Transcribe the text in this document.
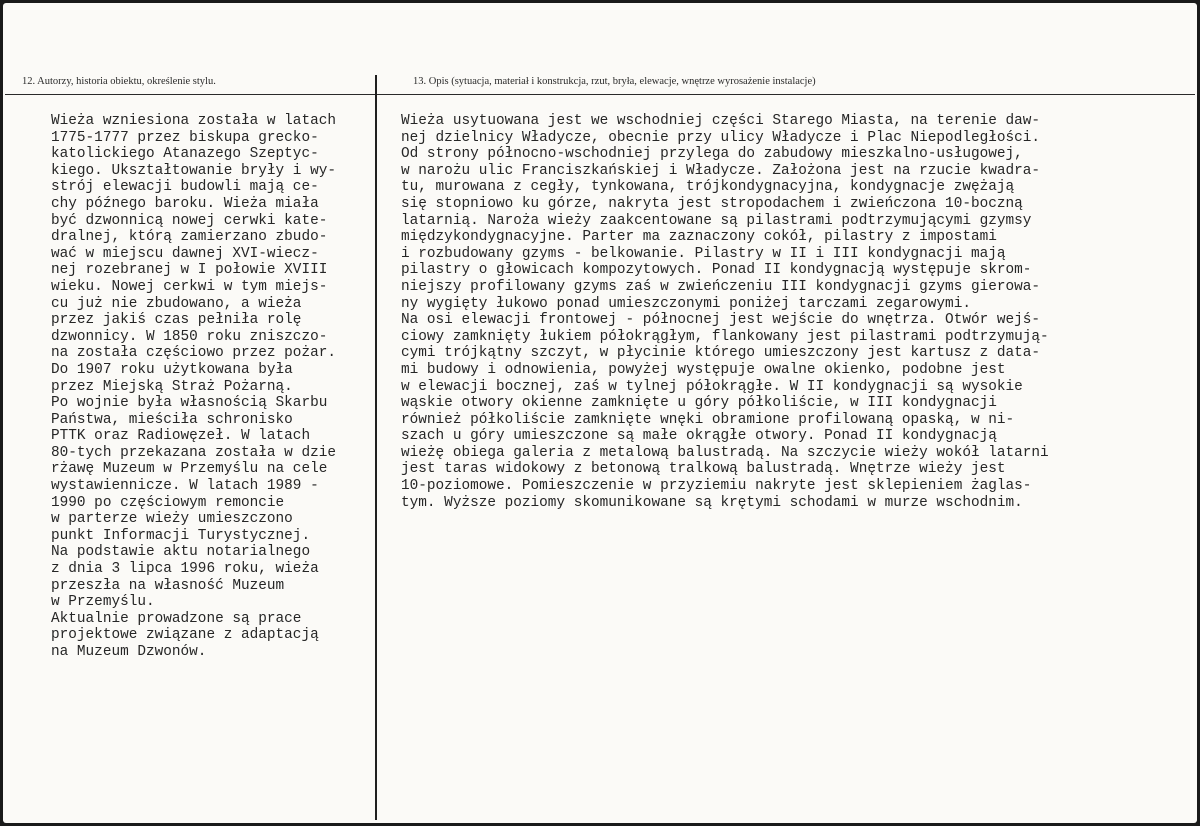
12. Autorzy, historia obiektu, określenie stylu.	13. Opis (sytuacja, materiał i konstrukcja, rzut, bryła, elewacje, wnętrze wyrosażenie instalacje)
Wieża wzniesiona została w latach
1775-1777 przez biskupa grecko-
katolickiego Atanazego Szeptyc-
kiego. Ukształtowanie bryły i wy-
strój elewacji budowli mają ce-
chy późnego baroku. Wieża miała
być dzwonnicą nowej cerwki kate-
dralnej, którą zamierzano zbudo-
wać w miejscu dawnej XVI-wiecz-
nej rozebranej w I połowie XVIII
wieku. Nowej cerkwi w tym miejs-
cu już nie zbudowano, a wieża
przez jakiś czas pełniła rolę
dzwonnicy. W 1850 roku zniszczo-
na została częściowo przez pożar.
Do 1907 roku użytkowana była
przez Miejską Straż Pożarną.
Po wojnie była własnością Skarbu
Państwa, mieściła schronisko
PTTK oraz Radiowęzeł. W latach
80-tych przekazana została w dzie
rżawę Muzeum w Przemyślu na cele
wystawiennicze. W latach 1989 -
1990 po częściowym remoncie
w parterze wieży umieszczono
punkt Informacji Turystycznej.
Na podstawie aktu notarialnego
z dnia 3 lipca 1996 roku, wieża
przeszła na własność Muzeum
w Przemyślu.
Aktualnie prowadzone są prace
projektowe związane z adaptacją
na Muzeum Dzwonów.
Wieża usytuowana jest we wschodniej części Starego Miasta, na terenie daw-
nej dzielnicy Władycze, obecnie przy ulicy Władycze i Plac Niepodległości.
Od strony północno-wschodniej przylega do zabudowy mieszkalno-usługowej,
w narożu ulic Franciszkańskiej i Władycze. Założona jest na rzucie kwadra-
tu, murowana z cegły, tynkowana, trójkondygnacyjna, kondygnacje zwężają
się stopniowo ku górze, nakryta jest stropodachem i zwieńczona 10-boczną
latarnią. Naroża wieży zaakcentowane są pilastrami podtrzymującymi gzymsy
międzykondygnacyjne. Parter ma zaznaczony cokół, pilastry z impostami
i rozbudowany gzyms - belkowanie. Pilastry w II i III kondygnacji mają
pilastry o głowicach kompozytowych. Ponad II kondygnacją występuje skrom-
niejszy profilowany gzyms zaś w zwieńczeniu III kondygnacji gzyms gierowa-
ny wygięty łukowo ponad umieszczonymi poniżej tarczami zegarowymi.
Na osi elewacji frontowej - północnej jest wejście do wnętrza. Otwór wejś-
ciowy zamknięty łukiem półokrągłym, flankowany jest pilastrami podtrzymują-
cymi trójkątny szczyt, w płycinie którego umieszczony jest kartusz z data-
mi budowy i odnowienia, powyżej występuje owalne okienko, podobne jest
w elewacji bocznej, zaś w tylnej półokrągłe. W II kondygnacji są wysokie
wąskie otwory okienne zamknięte u góry półkoliście, w III kondygnacji
również półkoliście zamknięte wnęki obramione profilowaną opaską, w ni-
szach u góry umieszczone są małe okrągłe otwory. Ponad II kondygnacją
wieżę obiega galeria z metalową balustradą. Na szczycie wieży wokół latarni
jest taras widokowy z betonową tralkową balustradą. Wnętrze wieży jest
10-poziomowe. Pomieszczenie w przyziemiu nakryte jest sklepieniem żaglas-
tym. Wyższe poziomy skomunikowane są krętymi schodami w murze wschodnim.
